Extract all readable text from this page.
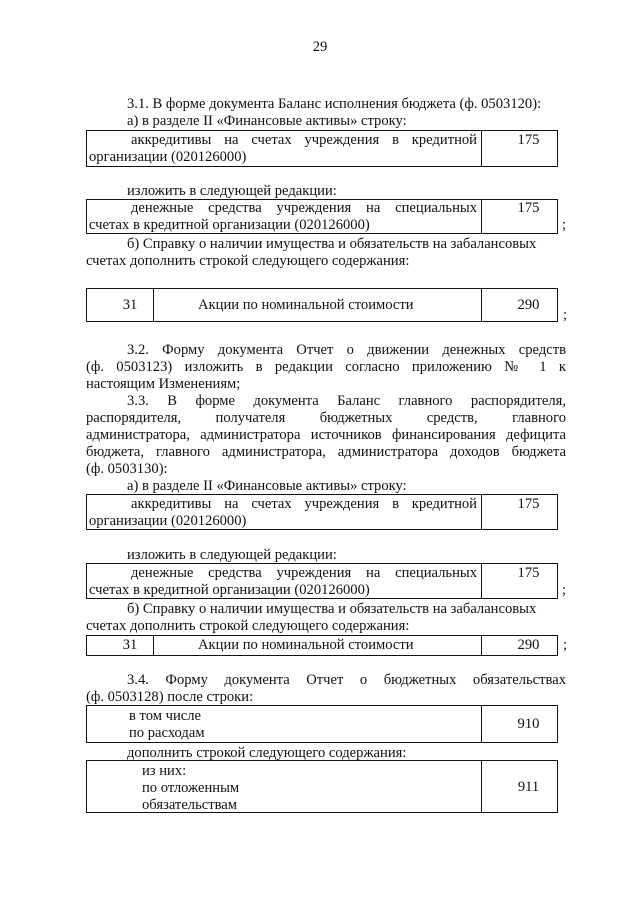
29
3.1. В форме документа Баланс исполнения бюджета (ф. 0503120):
а) в разделе II «Финансовые активы» строку:
аккредитивы на счетах учреждения в кредитной
организации (020126000)
175
изложить в следующей редакции:
денежные средства учреждения на специальных
счетах в кредитной организации (020126000)
175
;
б) Справку о наличии имущества и обязательств на забалансовых
счетах дополнить строкой следующего содержания:
31	Акции по номинальной стоимости	290
;
3.2. Форму документа Отчет о движении денежных средств
(ф. 0503123) изложить в редакции согласно приложению № 1 к
настоящим Изменениям;
3.3. В форме документа Баланс главного распорядителя,
распорядителя, получателя бюджетных средств, главного
администратора, администратора источников финансирования дефицита
бюджета, главного администратора, администратора доходов бюджета
(ф. 0503130):
а) в разделе II «Финансовые активы» строку:
аккредитивы на счетах учреждения в кредитной
организации (020126000)
175
изложить в следующей редакции:
денежные средства учреждения на специальных
счетах в кредитной организации (020126000)
175
;
б) Справку о наличии имущества и обязательств на забалансовых
счетах дополнить строкой следующего содержания:
31	Акции по номинальной стоимости	290	;
3.4. Форму документа Отчет о бюджетных обязательствах
(ф. 0503128) после строки:
в том числе
по расходам
910
дополнить строкой следующего содержания:
из них:
по отложенным
обязательствам
911
